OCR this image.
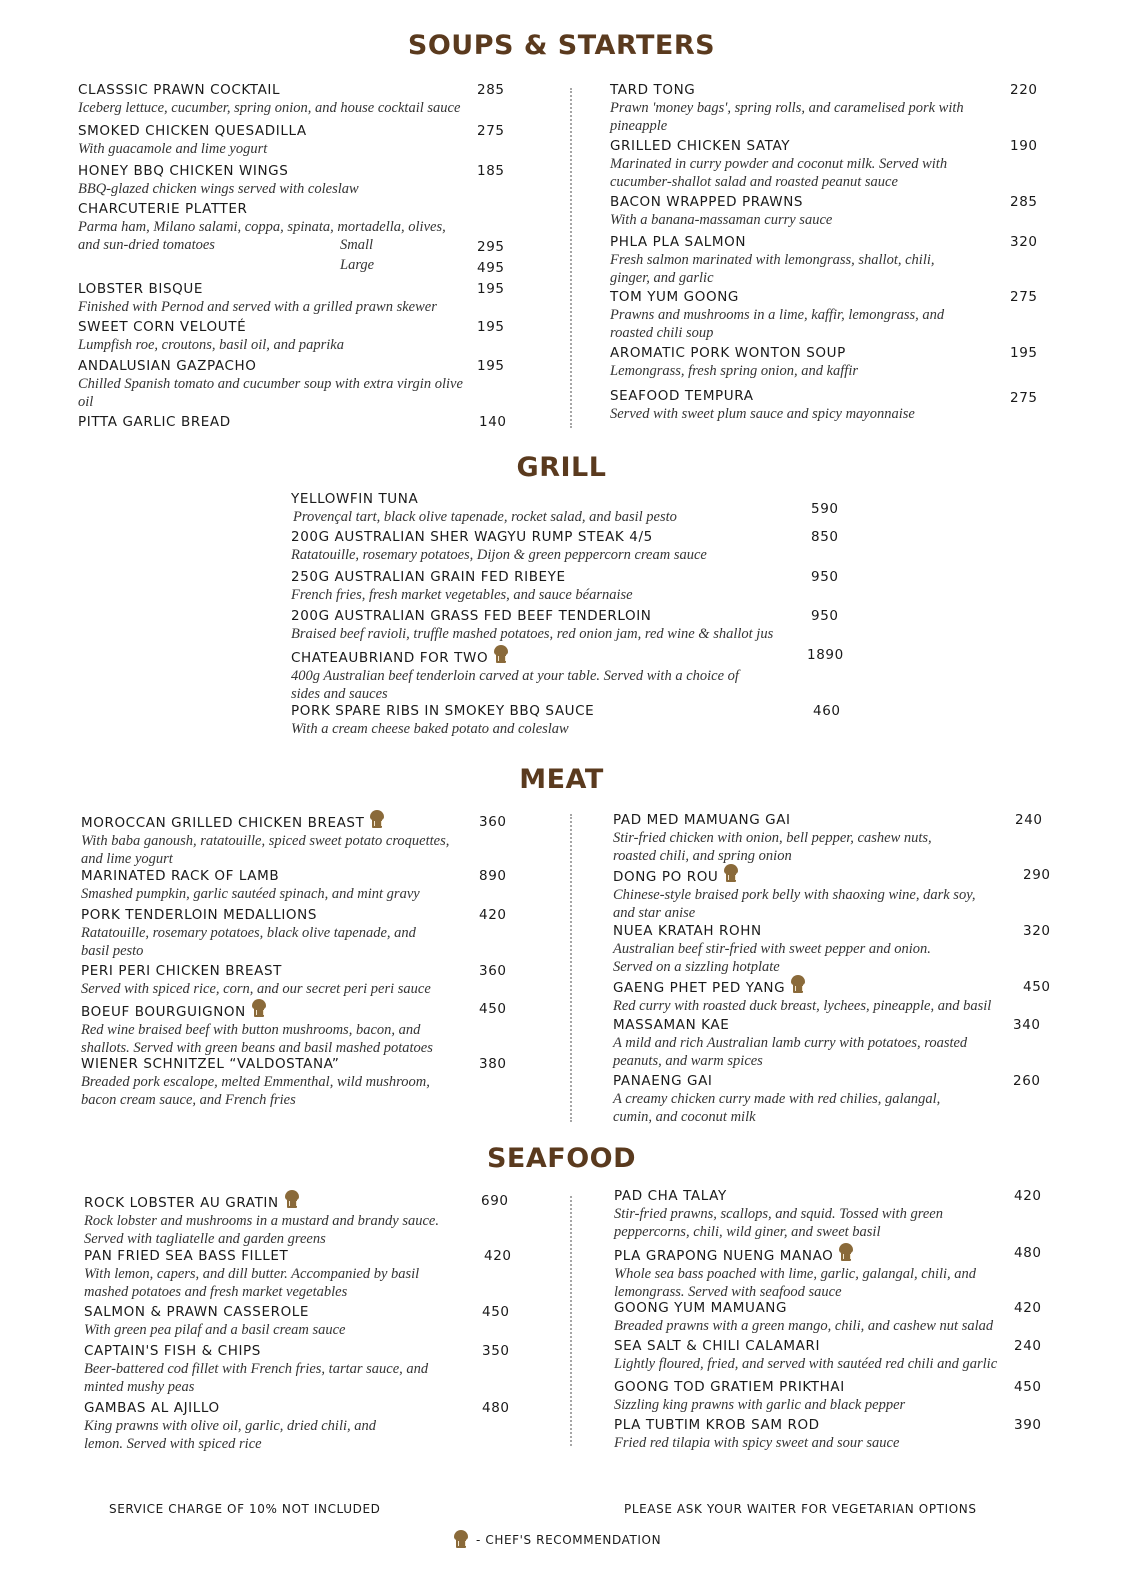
SOUPS & STARTERS
CLASSSIC PRAWN COCKTAIL
Iceberg lettuce, cucumber, spring onion, and house cocktail sauce
285
SMOKED CHICKEN QUESADILLA
With guacamole and lime yogurt
275
HONEY BBQ CHICKEN WINGS
BBQ-glazed chicken wings served with coleslaw
185
CHARCUTERIE PLATTER
Parma ham, Milano salami, coppa, spinata, mortadella, olives,
and sun-dried tomatoes	Small	295
Large	495
LOBSTER BISQUE
Finished with Pernod and served with a grilled prawn skewer
195
SWEET CORN VELOUTÉ
Lumpfish roe, croutons, basil oil, and paprika
195
ANDALUSIAN GAZPACHO
Chilled Spanish tomato and cucumber soup with extra virgin olive oil
195
PITTA GARLIC BREAD	140
TARD TONG
Prawn 'money bags', spring rolls, and caramelised pork with pineapple
220
GRILLED CHICKEN SATAY
Marinated in curry powder and coconut milk. Served with cucumber-shallot salad and roasted peanut sauce
190
BACON WRAPPED PRAWNS
With a banana-massaman curry sauce
285
PHLA PLA SALMON
Fresh salmon marinated with lemongrass, shallot, chili, ginger, and garlic
320
TOM YUM GOONG
Prawns and mushrooms in a lime, kaffir, lemongrass, and roasted chili soup
275
AROMATIC PORK WONTON SOUP
Lemongrass, fresh spring onion, and kaffir
195
SEAFOOD TEMPURA
Served with sweet plum sauce and spicy mayonnaise
275
GRILL
YELLOWFIN TUNA
Provençal tart, black olive tapenade, rocket salad, and basil pesto	590
200G AUSTRALIAN SHER WAGYU RUMP STEAK 4/5
Ratatouille, rosemary potatoes, Dijon & green peppercorn cream sauce
850
250G AUSTRALIAN GRAIN FED RIBEYE
French fries, fresh market vegetables, and sauce béarnaise
950
200G AUSTRALIAN GRASS FED BEEF TENDERLOIN
Braised beef ravioli, truffle mashed potatoes, red onion jam, red wine & shallot jus
950
CHATEAUBRIAND FOR TWO
400g Australian beef tenderloin carved at your table. Served with a choice of sides and sauces
1890
PORK SPARE RIBS IN SMOKEY BBQ SAUCE
With a cream cheese baked potato and coleslaw
460
MEAT
MOROCCAN GRILLED CHICKEN BREAST
With baba ganoush, ratatouille, spiced sweet potato croquettes, and lime yogurt
360
MARINATED RACK OF LAMB
Smashed pumpkin, garlic sautéed spinach, and mint gravy
890
PORK TENDERLOIN MEDALLIONS
Ratatouille, rosemary potatoes, black olive tapenade, and basil pesto
420
PERI PERI CHICKEN BREAST
Served with spiced rice, corn, and our secret peri peri sauce
360
BOEUF BOURGUIGNON
Red wine braised beef with button mushrooms, bacon, and shallots. Served with green beans and basil mashed potatoes
450
WIENER SCHNITZEL “VALDOSTANA”
Breaded pork escalope, melted Emmenthal, wild mushroom, bacon cream sauce, and French fries
380
PAD MED MAMUANG GAI
Stir-fried chicken with onion, bell pepper, cashew nuts, roasted chili, and spring onion
240
DONG PO ROU
Chinese-style braised pork belly with shaoxing wine, dark soy, and star anise
290
NUEA KRATAH ROHN
Australian beef stir-fried with sweet pepper and onion. Served on a sizzling hotplate
320
GAENG PHET PED YANG
Red curry with roasted duck breast, lychees, pineapple, and basil
450
MASSAMAN KAE
A mild and rich Australian lamb curry with potatoes, roasted peanuts, and warm spices
340
PANAENG GAI
A creamy chicken curry made with red chilies, galangal, cumin, and coconut milk
260
SEAFOOD
ROCK LOBSTER AU GRATIN
Rock lobster and mushrooms in a mustard and brandy sauce. Served with tagliatelle and garden greens
690
PAN FRIED SEA BASS FILLET
With lemon, capers, and dill butter. Accompanied by basil mashed potatoes and fresh market vegetables
420
SALMON & PRAWN CASSEROLE
With green pea pilaf and a basil cream sauce
450
CAPTAIN'S FISH & CHIPS
Beer-battered cod fillet with French fries, tartar sauce, and minted mushy peas
350
GAMBAS AL AJILLO
King prawns with olive oil, garlic, dried chili, and lemon. Served with spiced rice
480
PAD CHA TALAY
Stir-fried prawns, scallops, and squid. Tossed with green peppercorns, chili, wild giner, and sweet basil
420
PLA GRAPONG NUENG MANAO
Whole sea bass poached with lime, garlic, galangal, chili, and lemongrass. Served with seafood sauce
480
GOONG YUM MAMUANG
Breaded prawns with a green mango, chili, and cashew nut salad
420
SEA SALT & CHILI CALAMARI
Lightly floured, fried, and served with sautéed red chili and garlic
240
GOONG TOD GRATIEM PRIKTHAI
Sizzling king prawns with garlic and black pepper
450
PLA TUBTIM KROB SAM ROD
Fried red tilapia with spicy sweet and sour sauce
390
SERVICE CHARGE OF 10% NOT INCLUDED	PLEASE ASK YOUR WAITER FOR VEGETARIAN OPTIONS
- CHEF'S RECOMMENDATION
